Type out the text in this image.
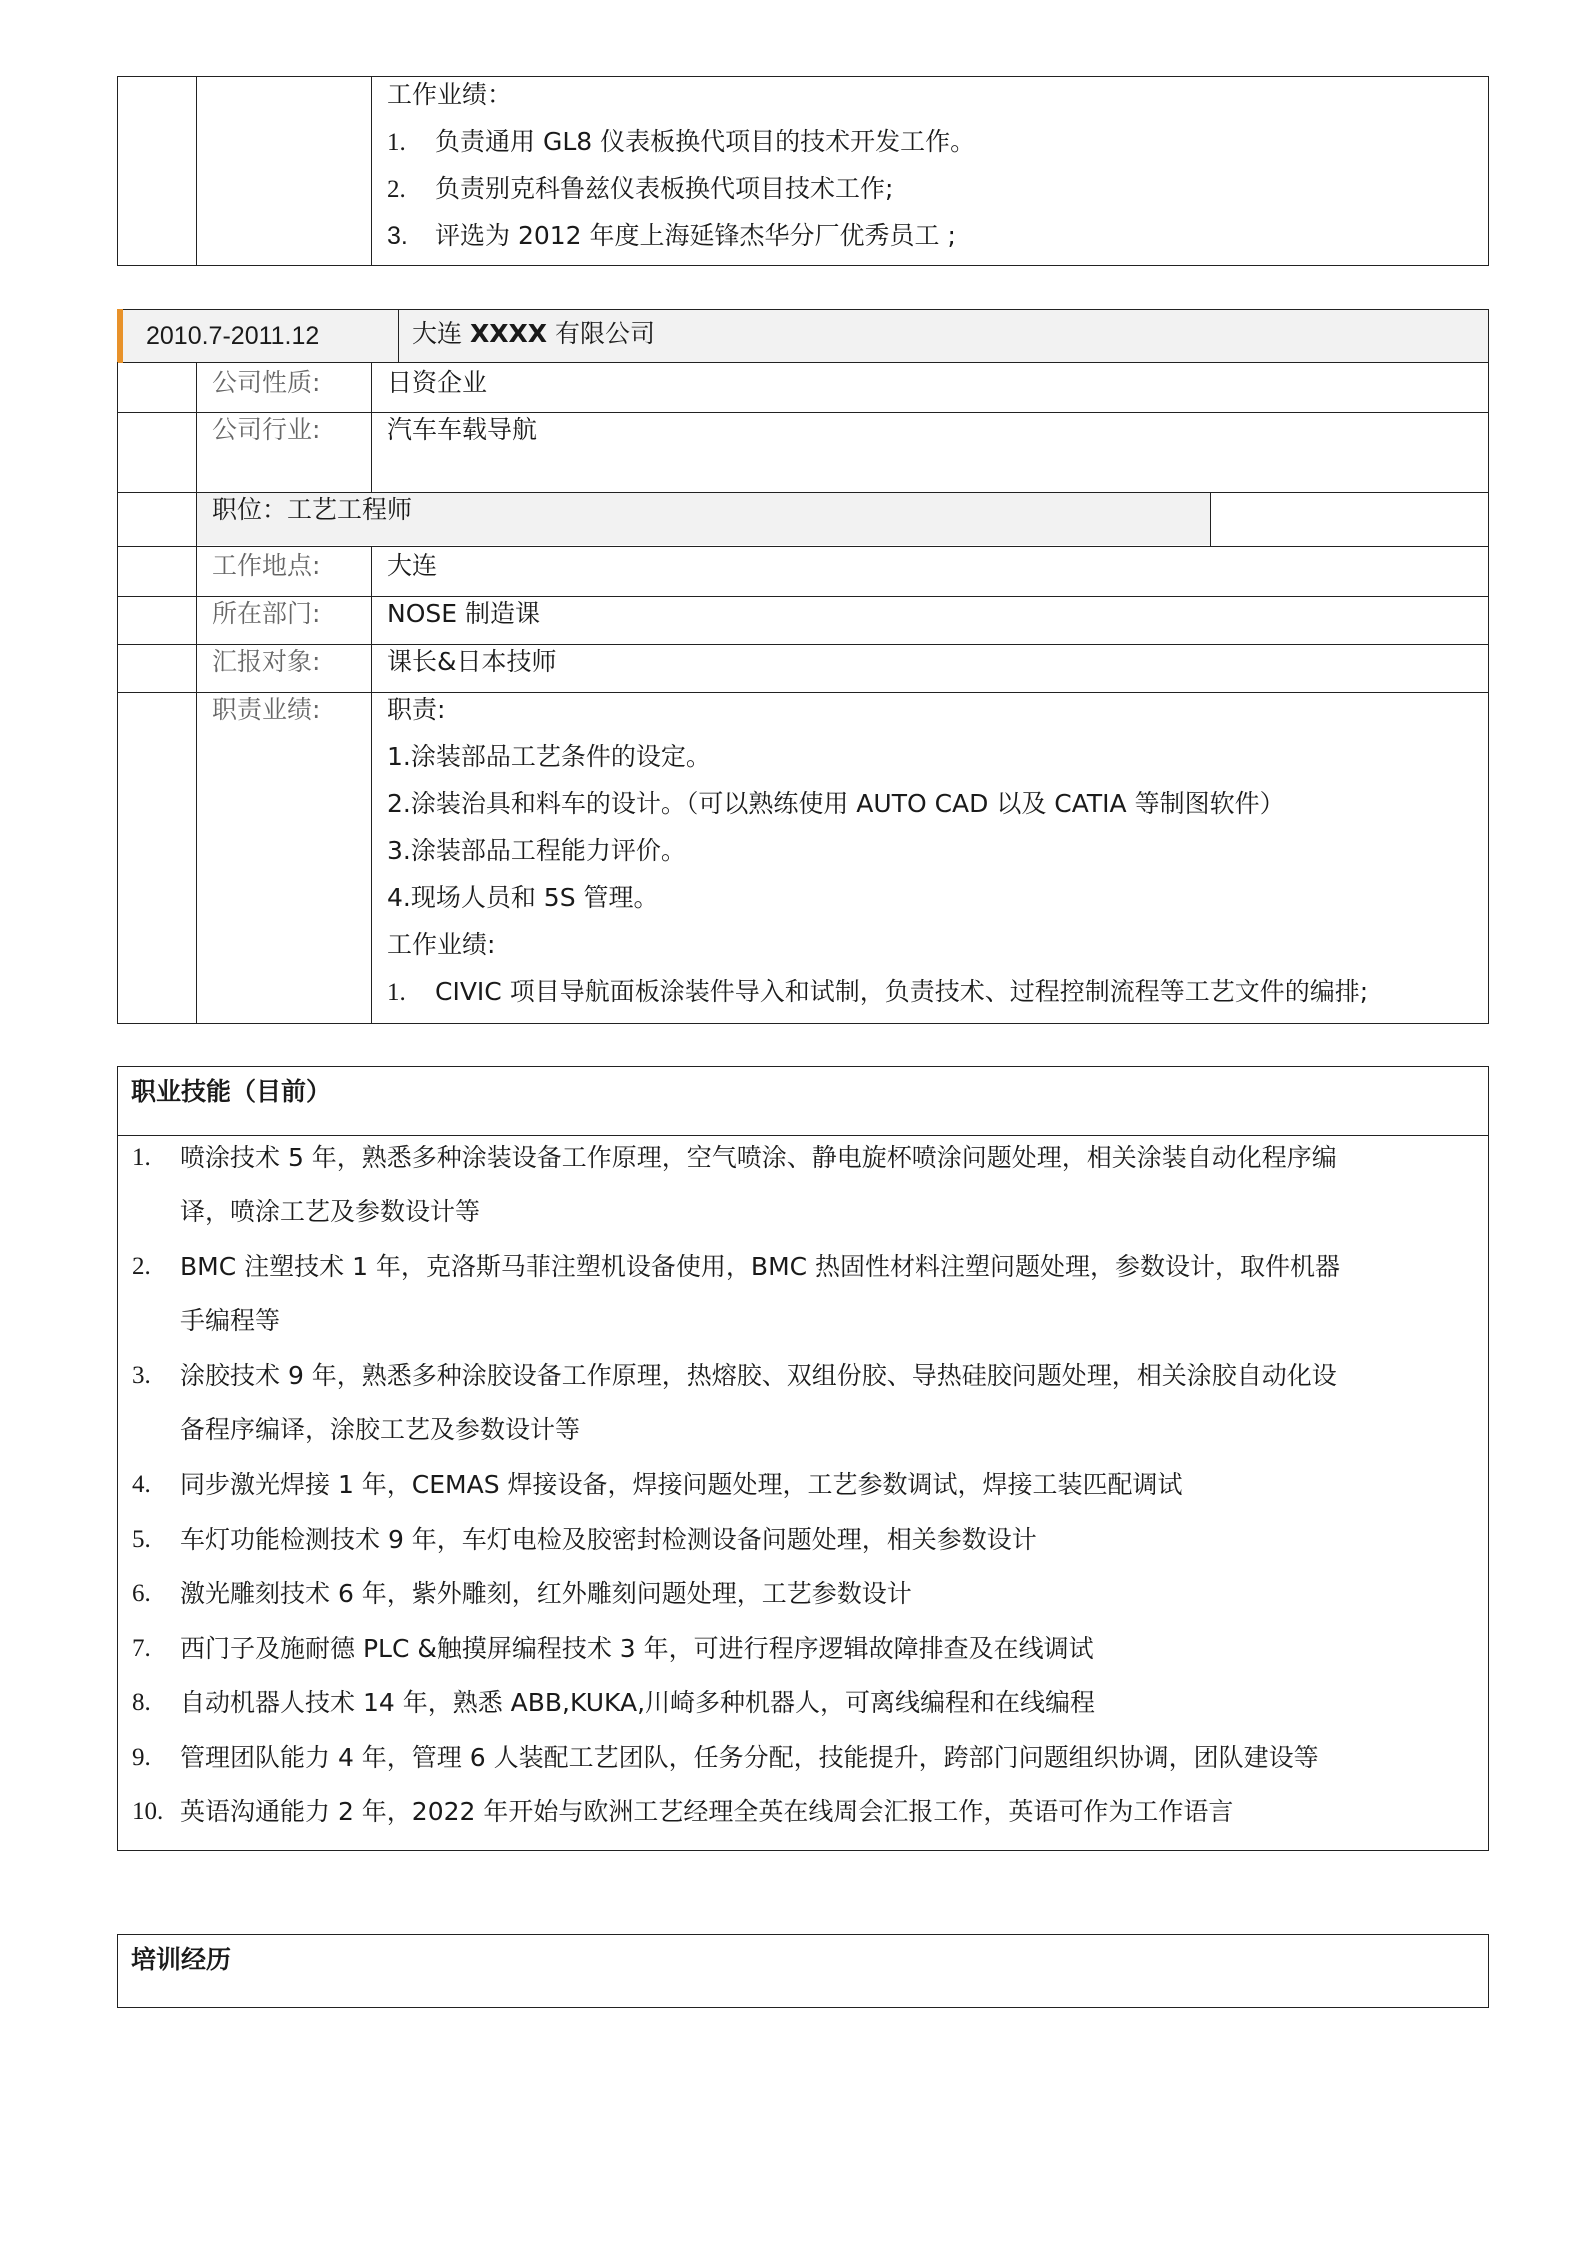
工作业绩：
1. 负责通用 GL8 仪表板换代项目的技术开发工作。
2. 负责别克科鲁兹仪表板换代项目技术工作;
3. 评选为 2012 年度上海延锋杰华分厂优秀员工 ;
2010.7-2011.12	大连 XXXX 有限公司
公司性质:	日资企业
公司行业:	汽车车载导航
职位：工艺工程师
工作地点:	大连
所在部门:	NOSE 制造课
汇报对象:	课长&日本技师
职责业绩:	职责:
1.涂装部品工艺条件的设定。
2.涂装治具和料车的设计。（可以熟练使用 AUTO CAD 以及 CATIA 等制图软件）
3.涂装部品工程能力评价。
4.现场人员和 5S 管理。
工作业绩:
1. CIVIC 项目导航面板涂装件导入和试制，负责技术、过程控制流程等工艺文件的编排;
职业技能（目前）
1. 喷涂技术 5 年，熟悉多种涂装设备工作原理，空气喷涂、静电旋杯喷涂问题处理，相关涂装自动化程序编
译，喷涂工艺及参数设计等
2. BMC 注塑技术 1 年，克洛斯马菲注塑机设备使用，BMC 热固性材料注塑问题处理，参数设计，取件机器
手编程等
3. 涂胶技术 9 年，熟悉多种涂胶设备工作原理，热熔胶、双组份胶、导热硅胶问题处理，相关涂胶自动化设
备程序编译，涂胶工艺及参数设计等
4. 同步激光焊接 1 年，CEMAS 焊接设备，焊接问题处理，工艺参数调试，焊接工装匹配调试
5. 车灯功能检测技术 9 年，车灯电检及胶密封检测设备问题处理，相关参数设计
6. 激光雕刻技术 6 年，紫外雕刻，红外雕刻问题处理，工艺参数设计
7. 西门子及施耐德 PLC &触摸屏编程技术 3 年，可进行程序逻辑故障排查及在线调试
8. 自动机器人技术 14 年，熟悉 ABB,KUKA,川崎多种机器人，可离线编程和在线编程
9. 管理团队能力 4 年，管理 6 人装配工艺团队，任务分配，技能提升，跨部门问题组织协调，团队建设等
10. 英语沟通能力 2 年，2022 年开始与欧洲工艺经理全英在线周会汇报工作，英语可作为工作语言
培训经历
